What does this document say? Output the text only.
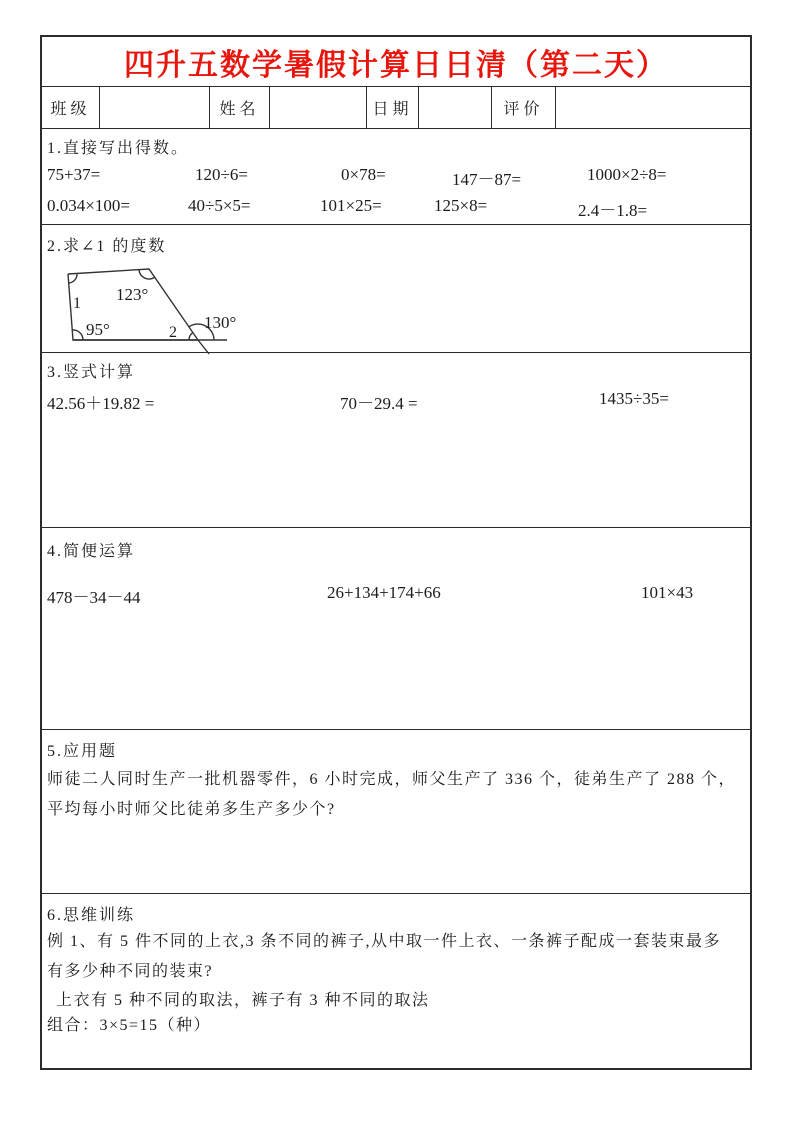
四升五数学暑假计算日日清（第二天）
班级	姓名	日期	评价
1.直接写出得数。
75+37=	120÷6=	0×78=	147－87=	1000×2÷8=
0.034×100=	40÷5×5=	101×25=	125×8=	2.4－1.8=
2.求∠1 的度数
1 123°
95°	2
130°
3.竖式计算
42.56＋19.82 =	70－29.4 =	1435÷35=
4.简便运算
478－34－44	26+134+174+66	101×43
5.应用题
师徒二人同时生产一批机器零件，6 小时完成，师父生产了 336 个，徒弟生产了 288 个，
平均每小时师父比徒弟多生产多少个?
6.思维训练
例 1、有 5 件不同的上衣,3 条不同的裤子,从中取一件上衣、一条裤子配成一套装束最多
有多少种不同的装束?
上衣有 5 种不同的取法，裤子有 3 种不同的取法
组合：3×5=15（种）
